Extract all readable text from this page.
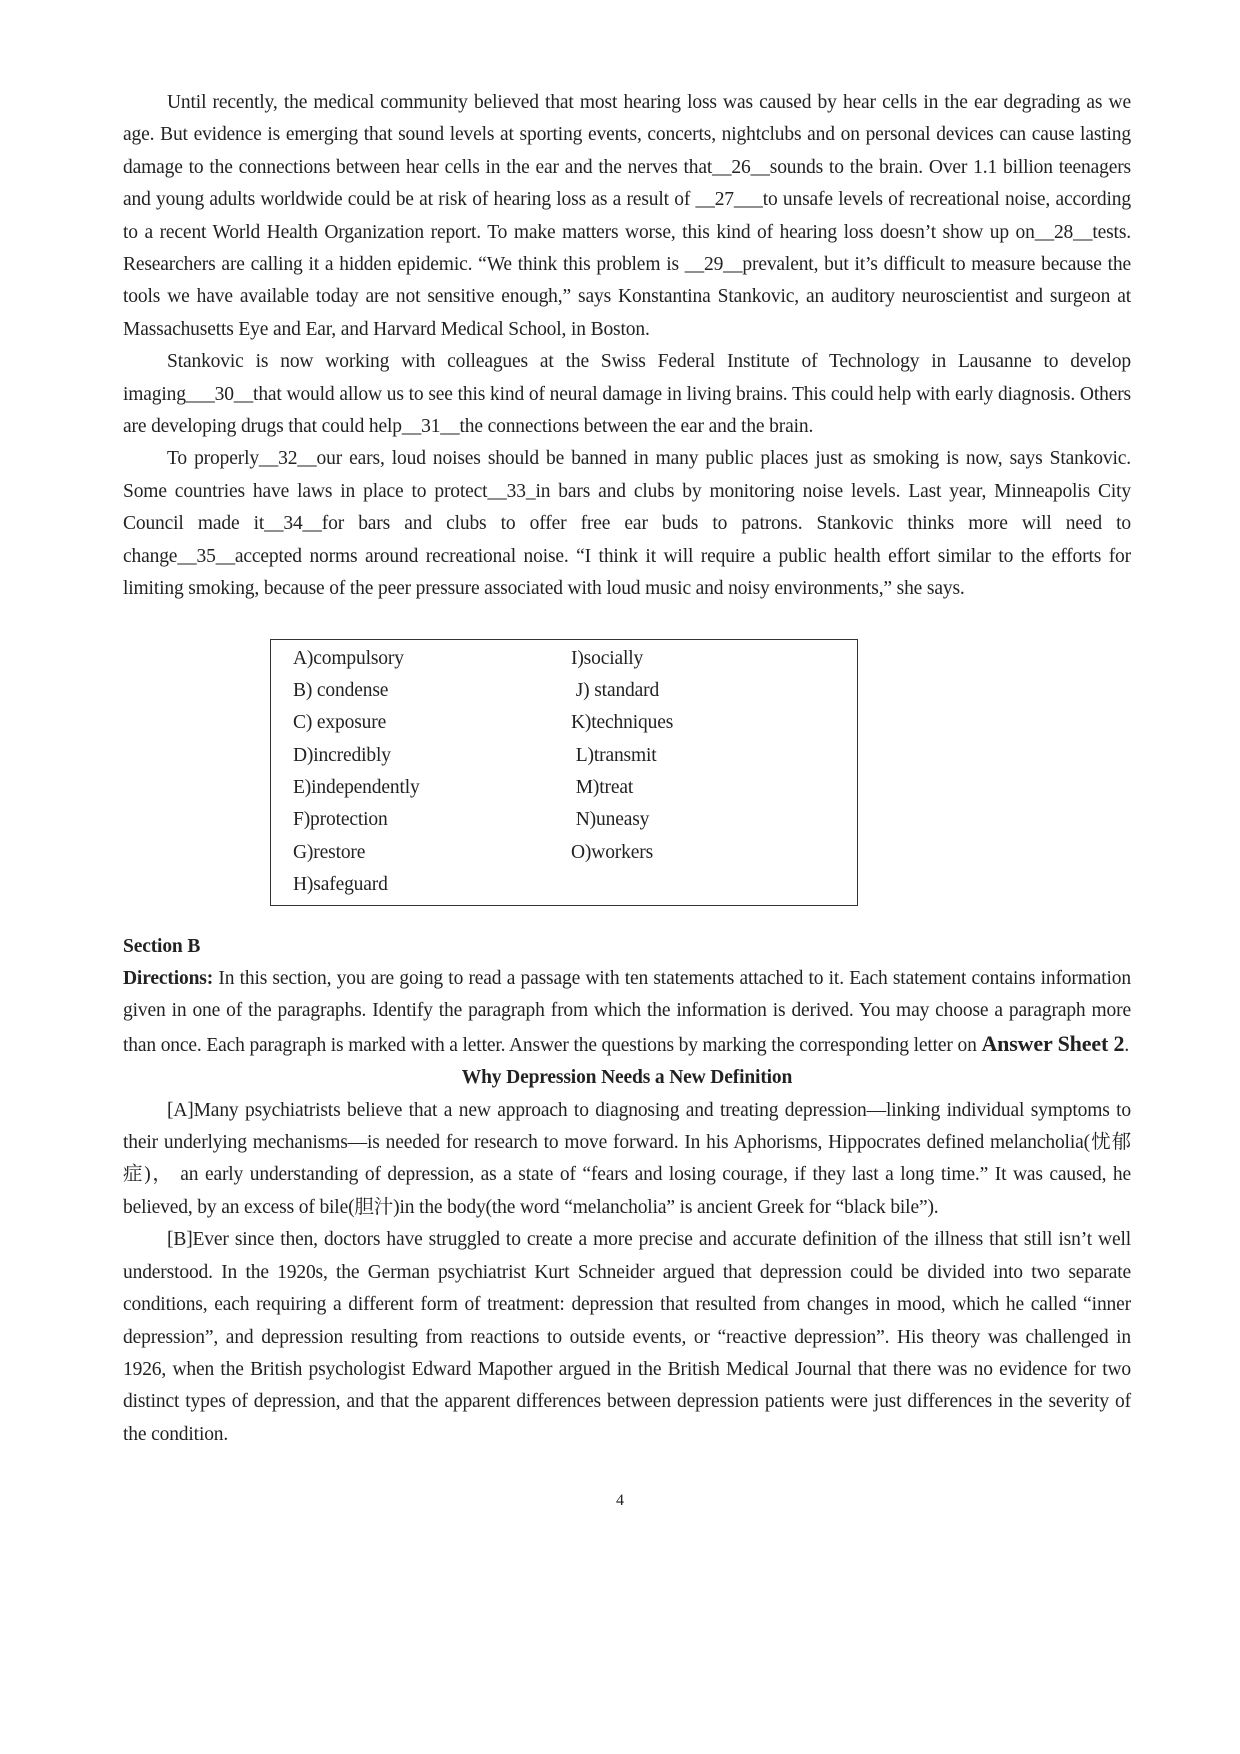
Until recently, the medical community believed that most hearing loss was caused by hear cells in the ear degrading as we age. But evidence is emerging that sound levels at sporting events, concerts, nightclubs and on personal devices can cause lasting damage to the connections between hear cells in the ear and the nerves that__26__sounds to the brain. Over 1.1 billion teenagers and young adults worldwide could be at risk of hearing loss as a result of __27___to unsafe levels of recreational noise, according to a recent World Health Organization report. To make matters worse, this kind of hearing loss doesn’t show up on__28__tests. Researchers are calling it a hidden epidemic. “We think this problem is __29__prevalent, but it’s difficult to measure because the tools we have available today are not sensitive enough,” says Konstantina Stankovic, an auditory neuroscientist and surgeon at Massachusetts Eye and Ear, and Harvard Medical School, in Boston.

Stankovic is now working with colleagues at the Swiss Federal Institute of Technology in Lausanne to develop imaging___30__that would allow us to see this kind of neural damage in living brains. This could help with early diagnosis. Others are developing drugs that could help__31__the connections between the ear and the brain.

To properly__32__our ears, loud noises should be banned in many public places just as smoking is now, says Stankovic. Some countries have laws in place to protect__33_in bars and clubs by monitoring noise levels. Last year, Minneapolis City Council made it__34__for bars and clubs to offer free ear buds to patrons. Stankovic thinks more will need to change__35__accepted norms around recreational noise. “I think it will require a public health effort similar to the efforts for limiting smoking, because of the peer pressure associated with loud music and noisy environments,” she says.

A)compulsory
B) condense
C) exposure
D)incredibly
E)independently
F)protection
G)restore
H)safeguard
I)socially
J) standard
K)techniques
L)transmit
M)treat
N)uneasy
O)workers

Section B

Directions: In this section, you are going to read a passage with ten statements attached to it. Each statement contains information given in one of the paragraphs. Identify the paragraph from which the information is derived. You may choose a paragraph more than once. Each paragraph is marked with a letter. Answer the questions by marking the corresponding letter on Answer Sheet 2.

Why Depression Needs a New Definition

[A]Many psychiatrists believe that a new approach to diagnosing and treating depression—linking individual symptoms to their underlying mechanisms—is needed for research to move forward. In his Aphorisms, Hippocrates defined melancholia(忧郁症)， an early understanding of depression, as a state of “fears and losing courage, if they last a long time.” It was caused, he believed, by an excess of bile(胆汁)in the body(the word “melancholia” is ancient Greek for “black bile”).

[B]Ever since then, doctors have struggled to create a more precise and accurate definition of the illness that still isn’t well understood. In the 1920s, the German psychiatrist Kurt Schneider argued that depression could be divided into two separate conditions, each requiring a different form of treatment: depression that resulted from changes in mood, which he called “inner depression”, and depression resulting from reactions to outside events, or “reactive depression”. His theory was challenged in 1926, when the British psychologist Edward Mapother argued in the British Medical Journal that there was no evidence for two distinct types of depression, and that the apparent differences between depression patients were just differences in the severity of the condition.

4
